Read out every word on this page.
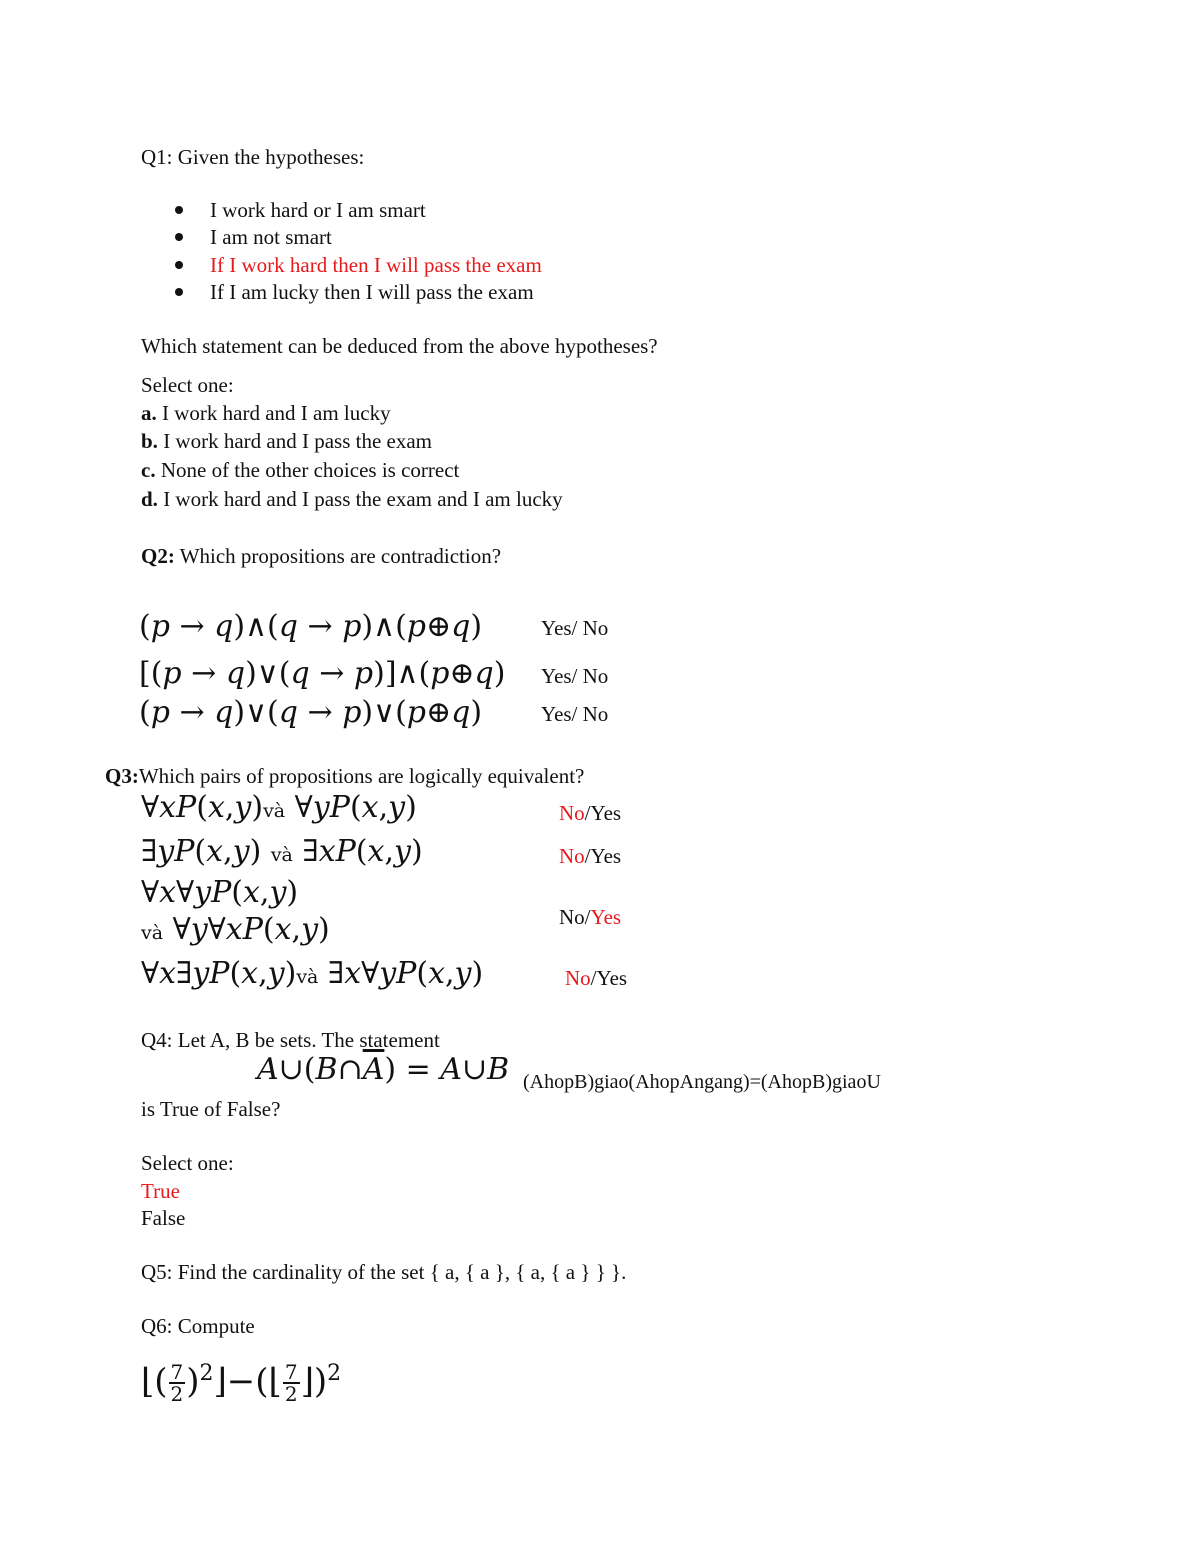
Q1: Given the hypotheses:
I work hard or I am smart
I am not smart
If I work hard then I will pass the exam
If I am lucky then I will pass the exam
Which statement can be deduced from the above hypotheses?
Select one:
a. I work hard and I am lucky
b. I work hard and I pass the exam
c. None of the other choices is correct
d. I work hard and I pass the exam and I am lucky
Q2: Which propositions are contradiction?
(p → q)∧(q → p)∧(p⊕q)	Yes/ No
[(p → q)∨(q → p)]∧(p⊕q) Yes/ No
(p → q)∨(q → p)∨(p⊕q)	Yes/ No
Q3:Which pairs of propositions are logically equivalent?
∀xP(x,y)và ∀yP(x,y)	No/Yes
∃yP(x,y) và ∃xP(x,y)	No/Yes
∀x∀yP(x,y)
và ∀y∀xP(x,y)	No/Yes
∀x∃yP(x,y)và ∃x∀yP(x,y)	No/Yes
Q4: Let A, B be sets. The statement
$A\cup(B\cap\overline{A})$ = A∪B (AhopB)giao(AhopAngang)=(AhopB)giaoU
is True of False?
Select one:
True
False
Q5: Find the cardinality of the set { a, { a }, { a, { a } } }.
Q6: Compute
⌊( $\frac{7}{2}$ )$^2$⌋−(⌊ $\frac{7}{2}$ ⌋)$^2$
